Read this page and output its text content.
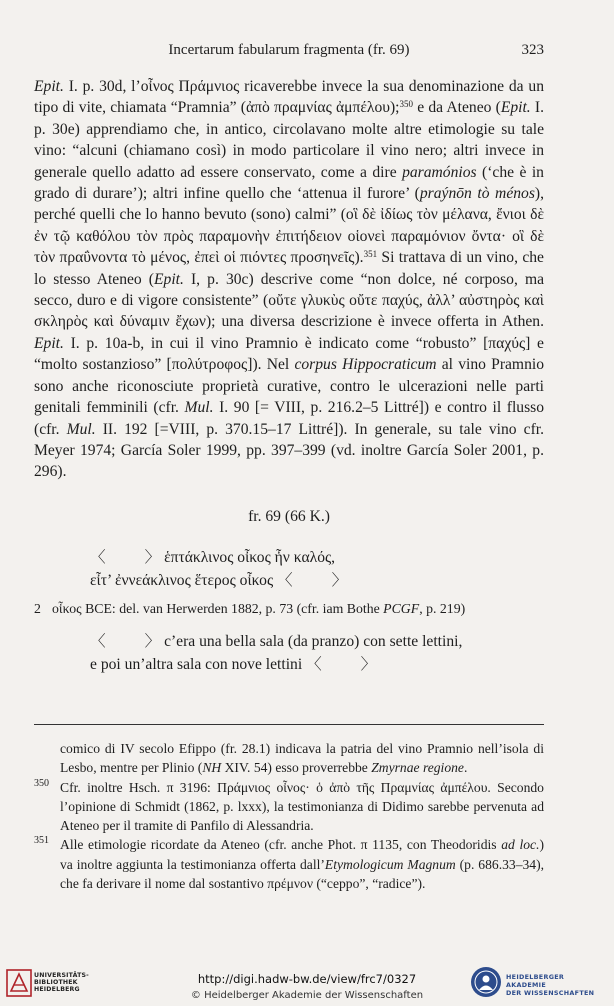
Incertarum fabularum fragmenta (fr. 69)	323

Epit. I. p. 30d, l’οἶνος Πράμνιος ricaverebbe invece la sua denominazione da un tipo di vite, chiamata “Pramnia” (ἀπὸ πραμνίας ἀμπέλου);$^{350}$ e da Ateneo (Epit. I. p. 30e) apprendiamo che, in antico, circolavano molte altre etimologie su tale vino: “alcuni (chiamano così) in modo particolare il vino nero; altri invece in generale quello adatto ad essere conservato, come a dire paramónios (‘che è in grado di durare’); altri infine quello che ‘attenua il furore’ (praýnōn tò ménos), perché quelli che lo hanno bevuto (sono) calmi” (οἳ δὲ ἰδίως τὸν μέλανα, ἔνιοι δὲ ἐν τῷ καθόλου τὸν πρὸς παραμονὴν ἐπιτήδειον οἱονεὶ παραμόνιον ὄντα· οἳ δὲ τὸν πραΰνοντα τὸ μένος, ἐπεὶ οἱ πιόντες προσηνεῖς).$^{351}$ Si trattava di un vino, che lo stesso Ateneo (Epit. I, p. 30c) descrive come “non dolce, né corposo, ma secco, duro e di vigore consistente” (οὔτε γλυκὺς οὔτε παχύς, ἀλλ’ αὐστηρὸς καὶ σκληρὸς καὶ δύναμιν ἔχων); una diversa descrizione è invece offerta in Athen. Epit. I. p. 10a-b, in cui il vino Pramnio è indicato come “robusto” [παχύς] e “molto sostanzioso” [πολύτροφος]). Nel corpus Hippocraticum al vino Pramnio sono anche riconosciute proprietà curative, contro le ulcerazioni nelle parti genitali femminili (cfr. Mul. I. 90 [= VIII, p. 216.2–5 Littré]) e contro il flusso (cfr. Mul. II. 192 [=VIII, p. 370.15–17 Littré]). In generale, su tale vino cfr. Meyer 1974; García Soler 1999, pp. 397–399 (vd. inoltre García Soler 2001, p. 296).

fr. 69 (66 K.)
〈          〉 ἑπτάκλινος οἶκος ἦν καλός,
εἶτ’ ἐννεάκλινος ἕτερος οἶκος 〈          〉
2 οἶκος BCE: del. van Herwerden 1882, p. 73 (cfr. iam Bothe PCGF, p. 219)
〈          〉 c’era una bella sala (da pranzo) con sette lettini,
e poi un’altra sala con nove lettini 〈          〉
comico di IV secolo Efippo (fr. 28.1) indicava la patria del vino Pramnio nell’isola di Lesbo, mentre per Plinio (NH XIV. 54) esso proverrebbe Zmyrnae regione.
350 Cfr. inoltre Hsch. π 3196: Πράμνιος οἶνος· ὁ ἀπὸ τῆς Πραμνίας ἀμπέλου. Secondo l’opinione di Schmidt (1862, p. lxxx), la testimonianza di Didimo sarebbe pervenuta ad Ateneo per il tramite di Panfilo di Alessandria.
351 Alle etimologie ricordate da Ateneo (cfr. anche Phot. π 1135, con Theodoridis ad loc.) va inoltre aggiunta la testimonianza offerta dall’Etymologicum Magnum (p. 686.33–34), che fa derivare il nome dal sostantivo πρέμνον (“ceppo”, “radice”).
UNIVERSITÄTS-
BIBLIOTHEK
HEIDELBERG
http://digi.hadw-bw.de/view/frc7/0327
© Heidelberger Akademie der Wissenschaften
HEIDELBERGER AKADEMIE
DER WISSENSCHAFTEN
